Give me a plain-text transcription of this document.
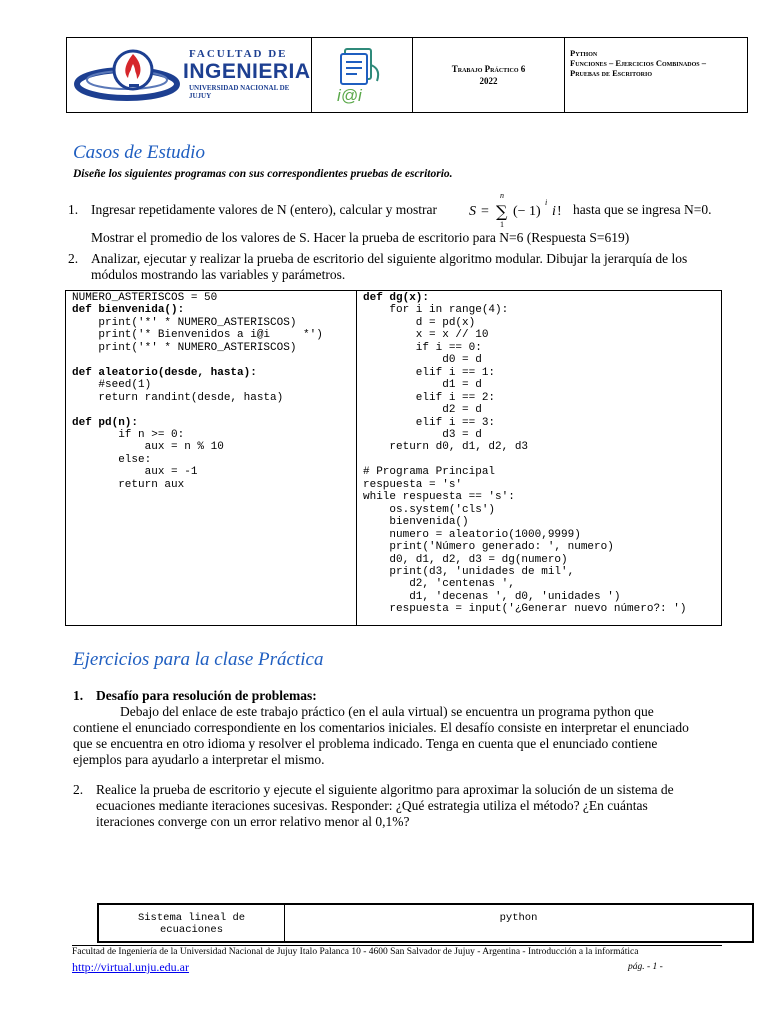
FACULTAD DE
INGENIERIA
UNIVERSIDAD NACIONAL DE JUJUY	i@i
Trabajo Práctico 6
2022
Python
Funciones – Ejercicios Combinados –
Pruebas de Escritorio
Casos de Estudio
Diseñe los siguientes programas con sus correspondientes pruebas de escritorio.
1. Ingresar repetidamente valores de N (entero), calcular y mostrar S =
n
∑
1
(− 1)
i
i ! hasta que se ingresa N=0.
Mostrar el promedio de los valores de S. Hacer la prueba de escritorio para N=6 (Respuesta S=619)
2. Analizar, ejecutar y realizar la prueba de escritorio del siguiente algoritmo modular. Dibujar la jerarquía de los
módulos mostrando las variables y parámetros.
NUMERO_ASTERISCOS = 50
def bienvenida():
print('*' * NUMERO_ASTERISCOS)
print('* Bienvenidos a i@i     *')
print('*' * NUMERO_ASTERISCOS)

def aleatorio(desde, hasta):
#seed(1)
return randint(desde, hasta)

def pd(n):
if n >= 0:
aux = n % 10
else:
aux = -1
return aux

def dg(x):
for i in range(4):
d = pd(x)
x = x // 10
if i == 0:
d0 = d
elif i == 1:
d1 = d
elif i == 2:
d2 = d
elif i == 3:
d3 = d
return d0, d1, d2, d3

# Programa Principal
respuesta = 's'
while respuesta == 's':
os.system('cls')
bienvenida()
numero = aleatorio(1000,9999)
print('Número generado: ', numero)
d0, d1, d2, d3 = dg(numero)
print(d3, 'unidades de mil',
d2, 'centenas ',
d1, 'decenas ', d0, 'unidades ')
respuesta = input('¿Generar nuevo número?: ')

Ejercicios para la clase Práctica
1. Desafío para resolución de problemas:
Debajo del enlace de este trabajo práctico (en el aula virtual) se encuentra un programa python que
contiene el enunciado correspondiente en los comentarios iniciales. El desafío consiste en interpretar el enunciado
que se encuentra en otro idioma y resolver el problema indicado. Tenga en cuenta que el enunciado contiene
ejemplos para ayudarlo a interpretar el mismo.
2. Realice la prueba de escritorio y ejecute el siguiente algoritmo para aproximar la solución de un sistema de
ecuaciones mediante iteraciones sucesivas. Responder: ¿Qué estrategia utiliza el método? ¿En cuántas
iteraciones converge con un error relativo menor al 0,1%?
Sistema lineal de
ecuaciones
python
Facultad de Ingeniería de la Universidad Nacional de Jujuy Italo Palanca 10 - 4600 San Salvador de Jujuy - Argentina - Introducción a la informática
http://virtual.unju.edu.ar	pág. - 1 -
